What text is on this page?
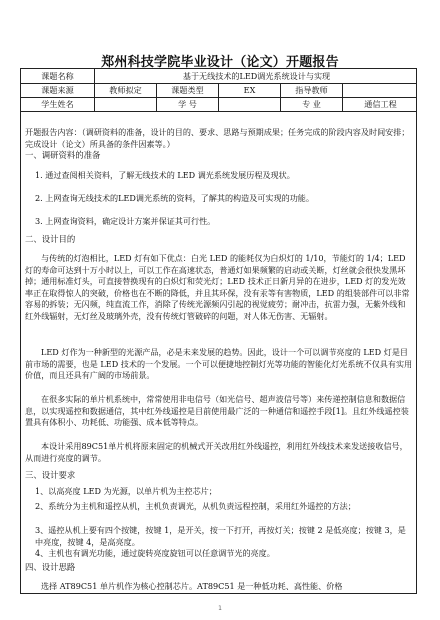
郑州科技学院毕业设计（论文）开题报告
课题名称	基于无线技术的LED调光系统设计与实现
课题来源	教师拟定	课题类型	EX	指导教师
学生姓名	学 号	专 业	通信工程
开题报告内容：（调研资料的准备，设计的目的、要求、思路与预期成果；任务完成的阶段内容及时间安排；完成设计（论文）所具备的条件因素等。）
一、调研资料的准备
1. 通过查阅相关资料，了解无线技术的 LED 调光系统发展历程及现状。
2. 上网查询无线技术的LED调光系统的资料，了解其的构造及可实现的功能。
3. 上网查询资料，确定设计方案并保证其可行性。
二、设计目的
与传统的灯泡相比，LED 灯有如下优点：白光 LED 的能耗仅为白炽灯的 1/10，节能灯的 1/4；LED 灯的寿命可达到十万小时以上，可以工作在高速状态，普通灯如果频繁的启动或关断，灯丝就会很快发黑坏掉；通用标准灯头，可直接替换现有的白炽灯和荧光灯；LED 技术正日新月异的在进步，LED 灯的发光效率正在取得惊人的突破，价格也在不断的降低，并且其环保，没有汞等有害物质，LED 的组装部件可以非常容易的拆装；无闪频，纯直流工作，消除了传统光源频闪引起的视觉疲劳；耐冲击，抗雷力强，无紫外线和红外线辐射，无灯丝及玻璃外壳，没有传统灯管破碎的问题，对人体无伤害、无辐射。
LED 灯作为一种新型的光源产品，必是未来发展的趋势。因此，设计一个可以调节亮度的 LED 灯是目前市场的需要，也是 LED 技术的一个发展。一个可以便捷地控制灯光等功能的智能化灯光系统不仅具有实用价值，而且还具有广阔的市场前景。
在很多实际的单片机系统中，常常使用非电信号（如光信号、超声波信号等）来传递控制信息和数据信息，以实现遥控和数据通信，其中红外线遥控是目前使用最广泛的一种通信和遥控手段[1]。且红外线遥控装置具有体积小、功耗低、功能强、成本低等特点。
本设计采用89C51单片机将原来固定的机械式开关改用红外线遥控，利用红外线技术来发送接收信号，从而进行亮度的调节。
三、设计要求
1、以高亮度 LED 为光源，以单片机为主控芯片；
2、系统分为主机和遥控从机，主机负责调光，从机负责远程控制，采用红外遥控的方法；
3、遥控从机上要有四个按键，按键 1，是开关，按一下打开，再按灯关；按键 2 是低亮度；按键 3，是中亮度，按键 4，是高亮度。
4、主机也有调光功能，通过旋转亮度旋钮可以任意调节光的亮度。
四、设计思路
选择 AT89C51 单片机作为核心控制芯片。AT89C51 是一种低功耗、高性能、价格
1
